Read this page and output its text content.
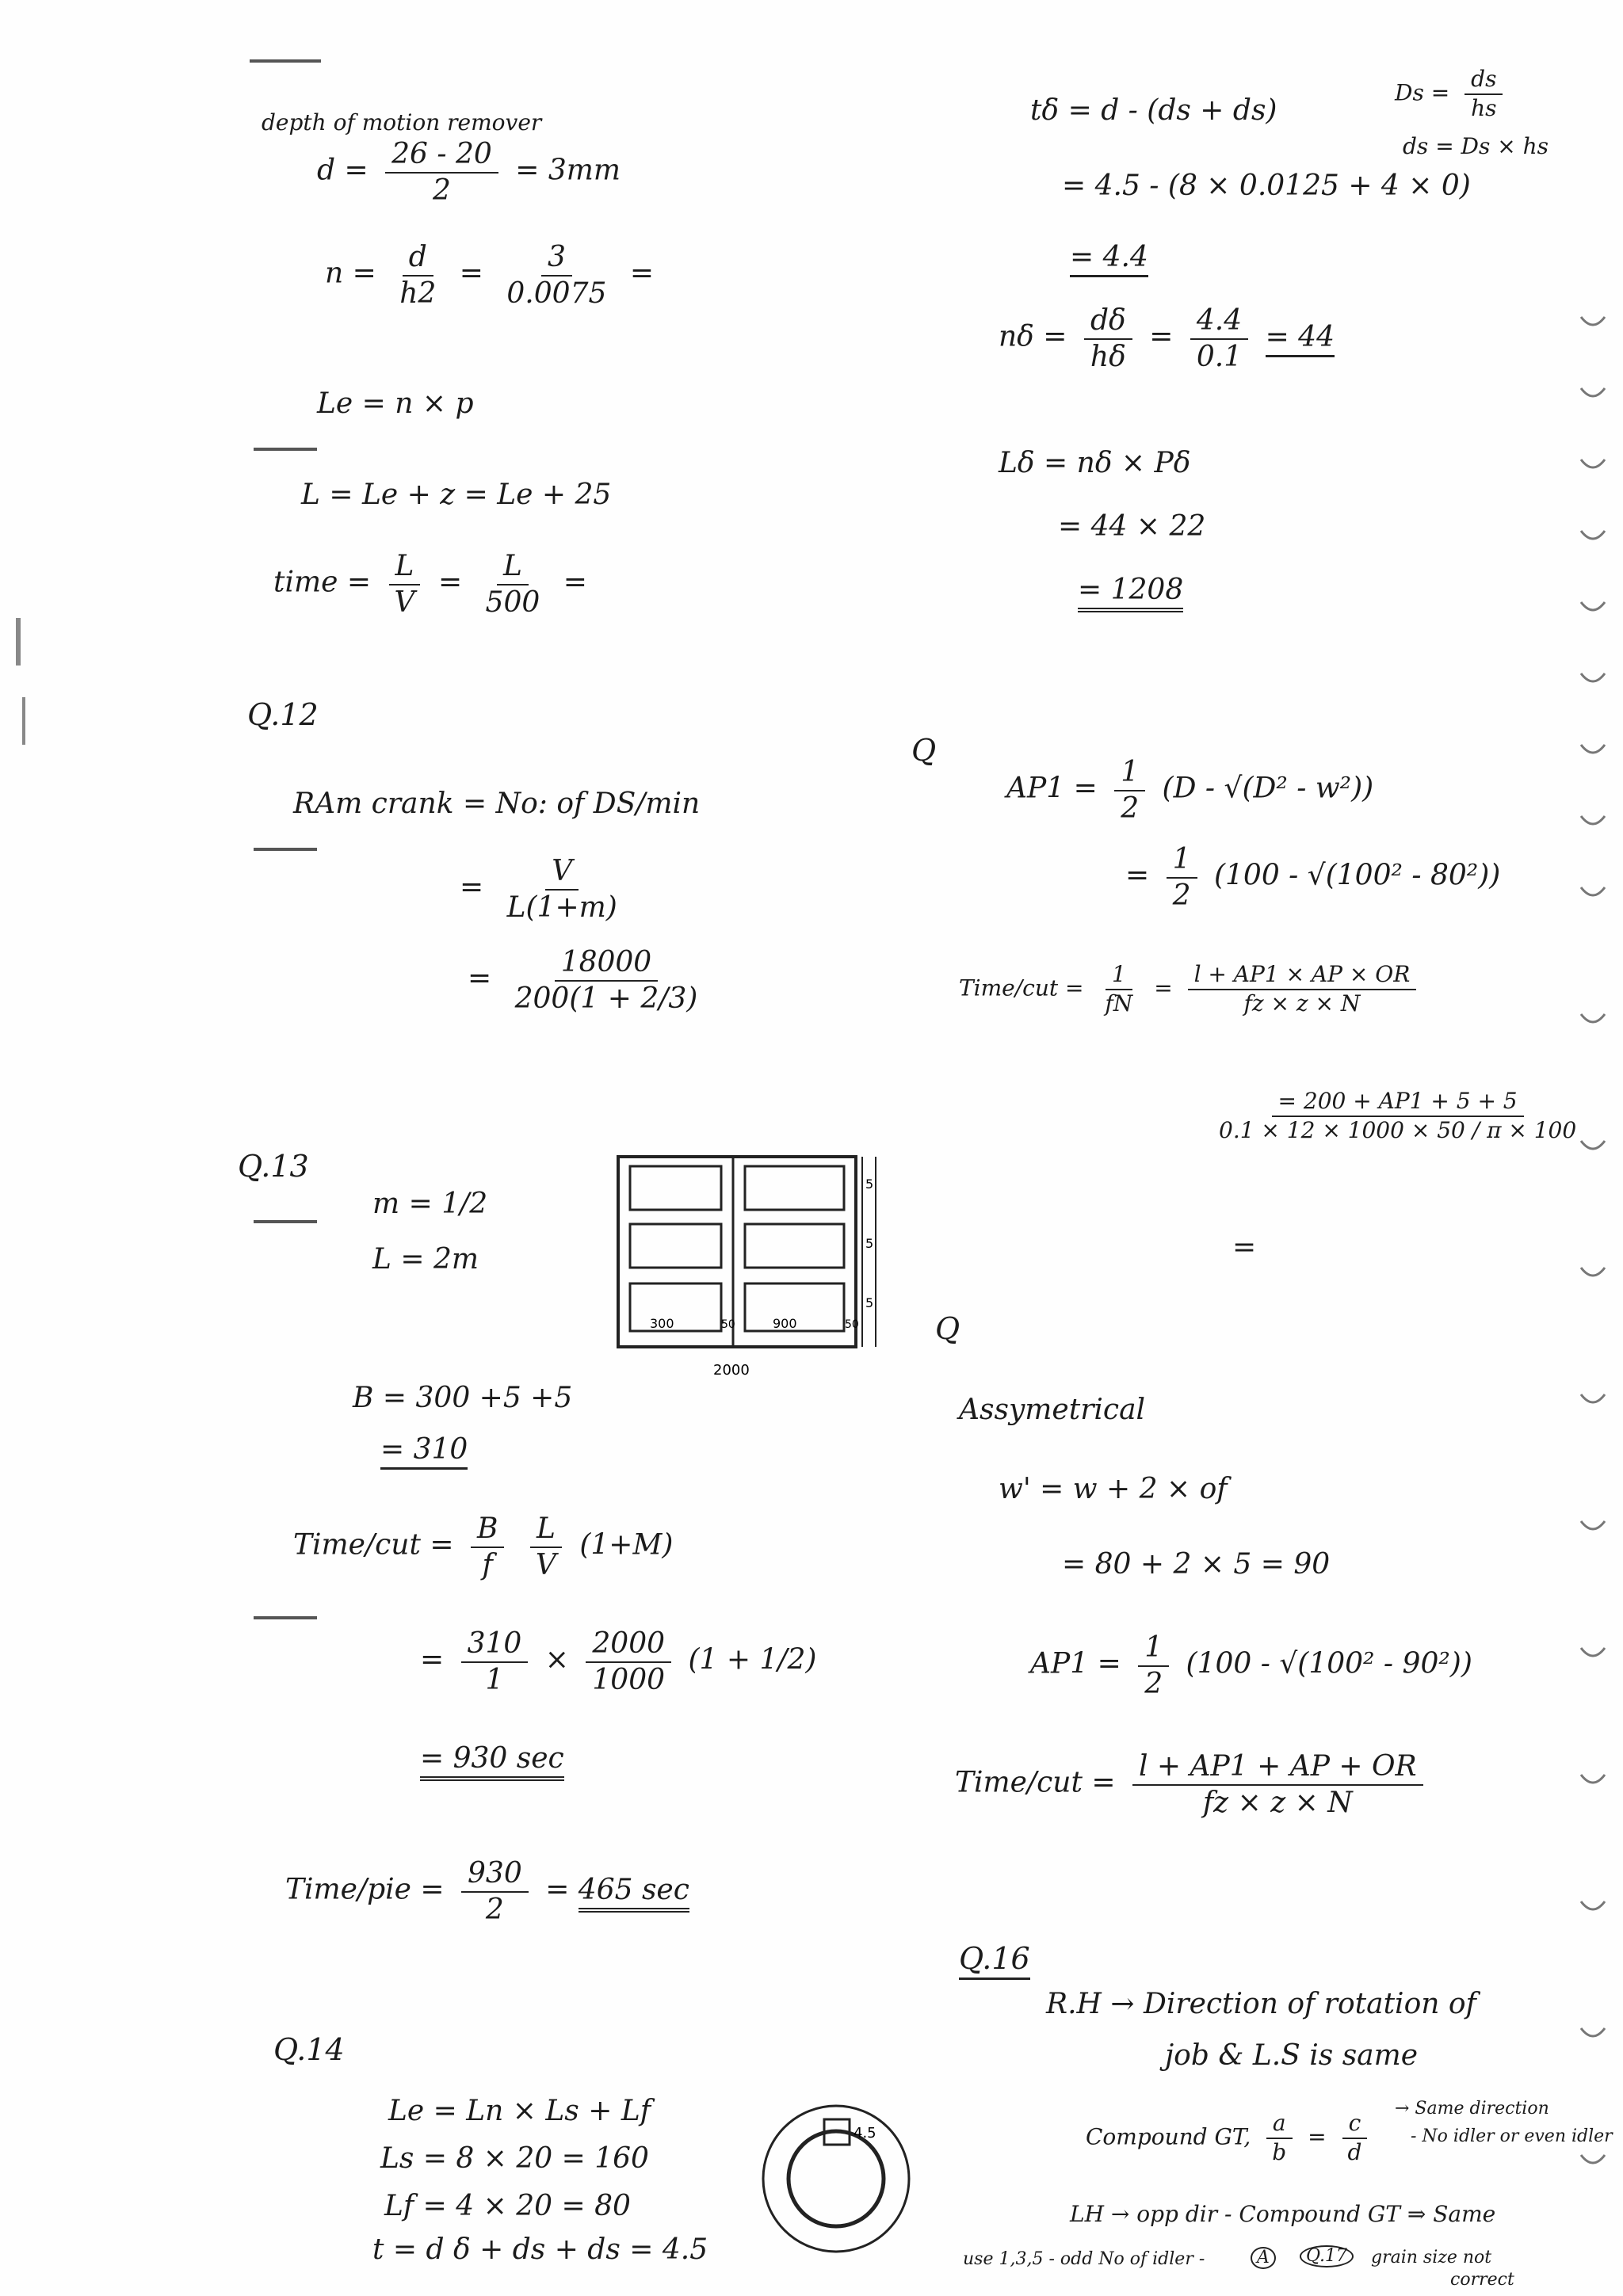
depth of motion remover
$d = \frac{26 - 20}{2} = 3mm$
$n = \frac{d}{h2} = \frac{3}{0.0075}$ =
Le = n × p
L = Le + z = Le + 25
time = $\frac{L}{V} = \frac{L}{500}$ =
Q.12
RAm crank = No: of DS/min
= $\frac{V}{L(1+m)}$
= $\frac{18000}{200(1 + 2/3)}$
Q.13
m = 1/2
L = 2m
B = 300 +5 +5
= 310
Time/cut = $\frac{B}{f}$
$\frac{L}{V} (1+M)$
= $\frac{310}{1} \times \frac{2000}{1000} (1 + 1/2)$
= 930 sec
Time/pie = $\frac{930}{2} = 465$ sec
Q.14
Le = Ln × Ls + Lf
Ls = 8 × 20 = 160
Lf = 4 × 20 = 80
t = d δ + ds + ds = 4.5
300	50	900	50
5
5
5
2000
4.5
tδ = d - (ds + ds)
$Ds = \frac{ds}{hs}$
ds = Ds × hs
= 4.5 - (8 × 0.0125 + 4 × 0)
= 4.4
$n\delta = \frac{d\delta}{h\delta} = \frac{4.4}{0.1} = 44$
Lδ = nδ × Pδ
= 44 × 22
= 1208
Q
$AP1 = \frac{1}{2} (D - √(D^2 - w^2))$
= $\frac{1}{2} (100 - √(100^2 - 80^2))$
Time/cut = $\frac{1}{fN} = \frac{l + AP1 \times AP \times OR}{fz \times z \times N}$
$\frac{= 200 + AP1 + 5 + 5}{0.1 \times 12 \times 1000 \times 50 / \pi \times 100}$
=
Q
Assymetrical
w' = w + 2 × of
= 80 + 2 × 5 = 90
$AP1 = \frac{1}{2} (100 - √(100^2 - 90^2))$
Time/cut = $\frac{l + AP1 + AP + OR}{fz \times z \times N}$
Q.16
R.H → Direction of rotation of
job & L.S is same
Compound GT, $\frac{a}{b} = \frac{c}{d}$
→ Same direction
- No idler or even idler
LH → opp dir - Compound GT ⇒ Same
use 1,3,5 - odd No of idler -	A	Q.17	grain size not
correct
